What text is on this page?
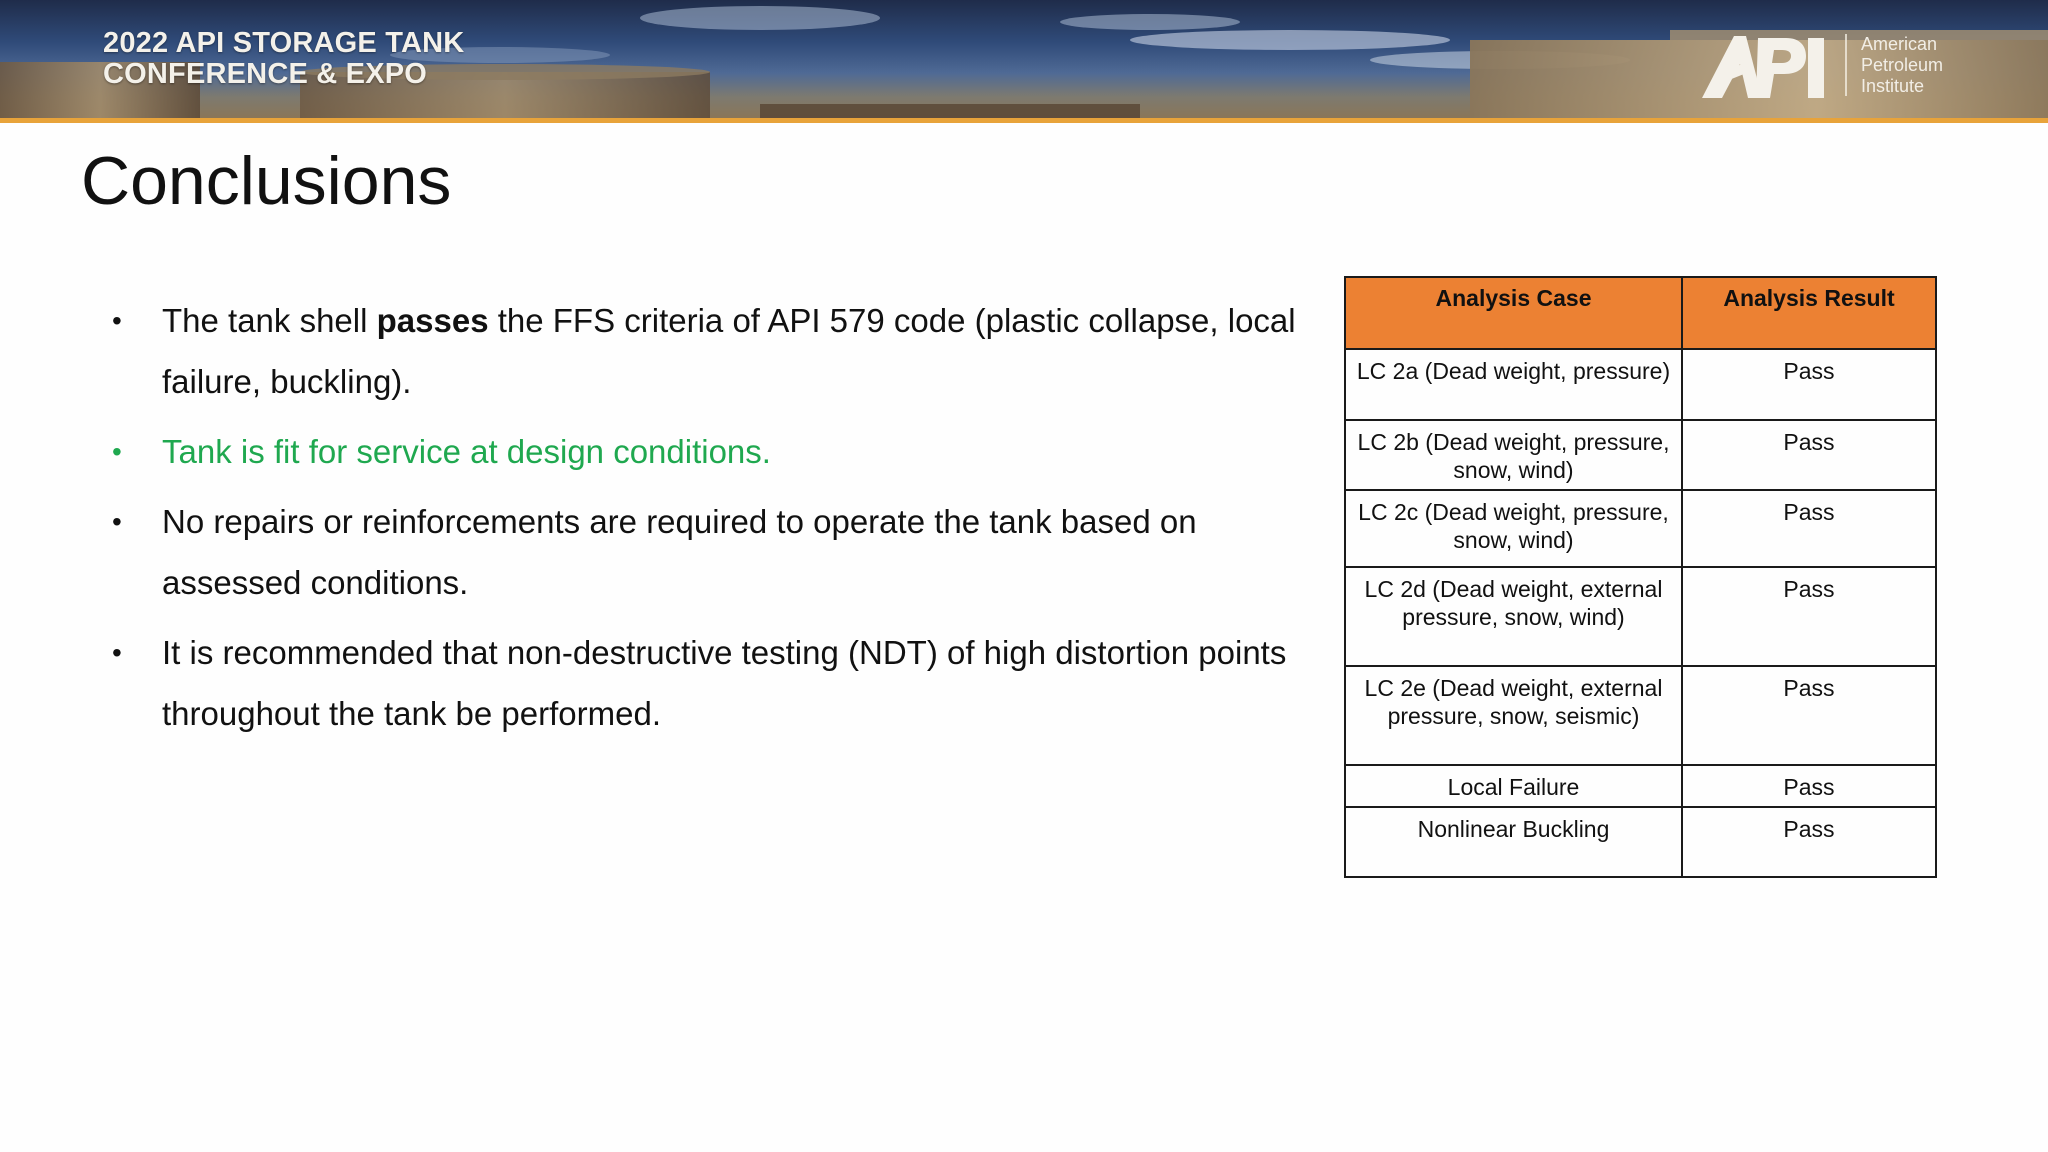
2022 API STORAGE TANK
CONFERENCE & EXPO
American
Petroleum
Institute
Conclusions
•	The tank shell passes the FFS criteria of API 579 code (plastic collapse, local failure, buckling).
•	Tank is fit for service at design conditions.
•	No repairs or reinforcements are required to operate the tank based on assessed conditions.
•	It is recommended that non-destructive testing (NDT) of high distortion points throughout the tank be performed.
Analysis Case	Analysis Result
LC 2a (Dead weight, pressure)	Pass
LC 2b (Dead weight, pressure, snow, wind)	Pass
LC 2c (Dead weight, pressure, snow, wind)	Pass
LC 2d (Dead weight, external pressure, snow, wind)	Pass
LC 2e (Dead weight, external pressure, snow, seismic)	Pass
Local Failure	Pass
Nonlinear Buckling	Pass
